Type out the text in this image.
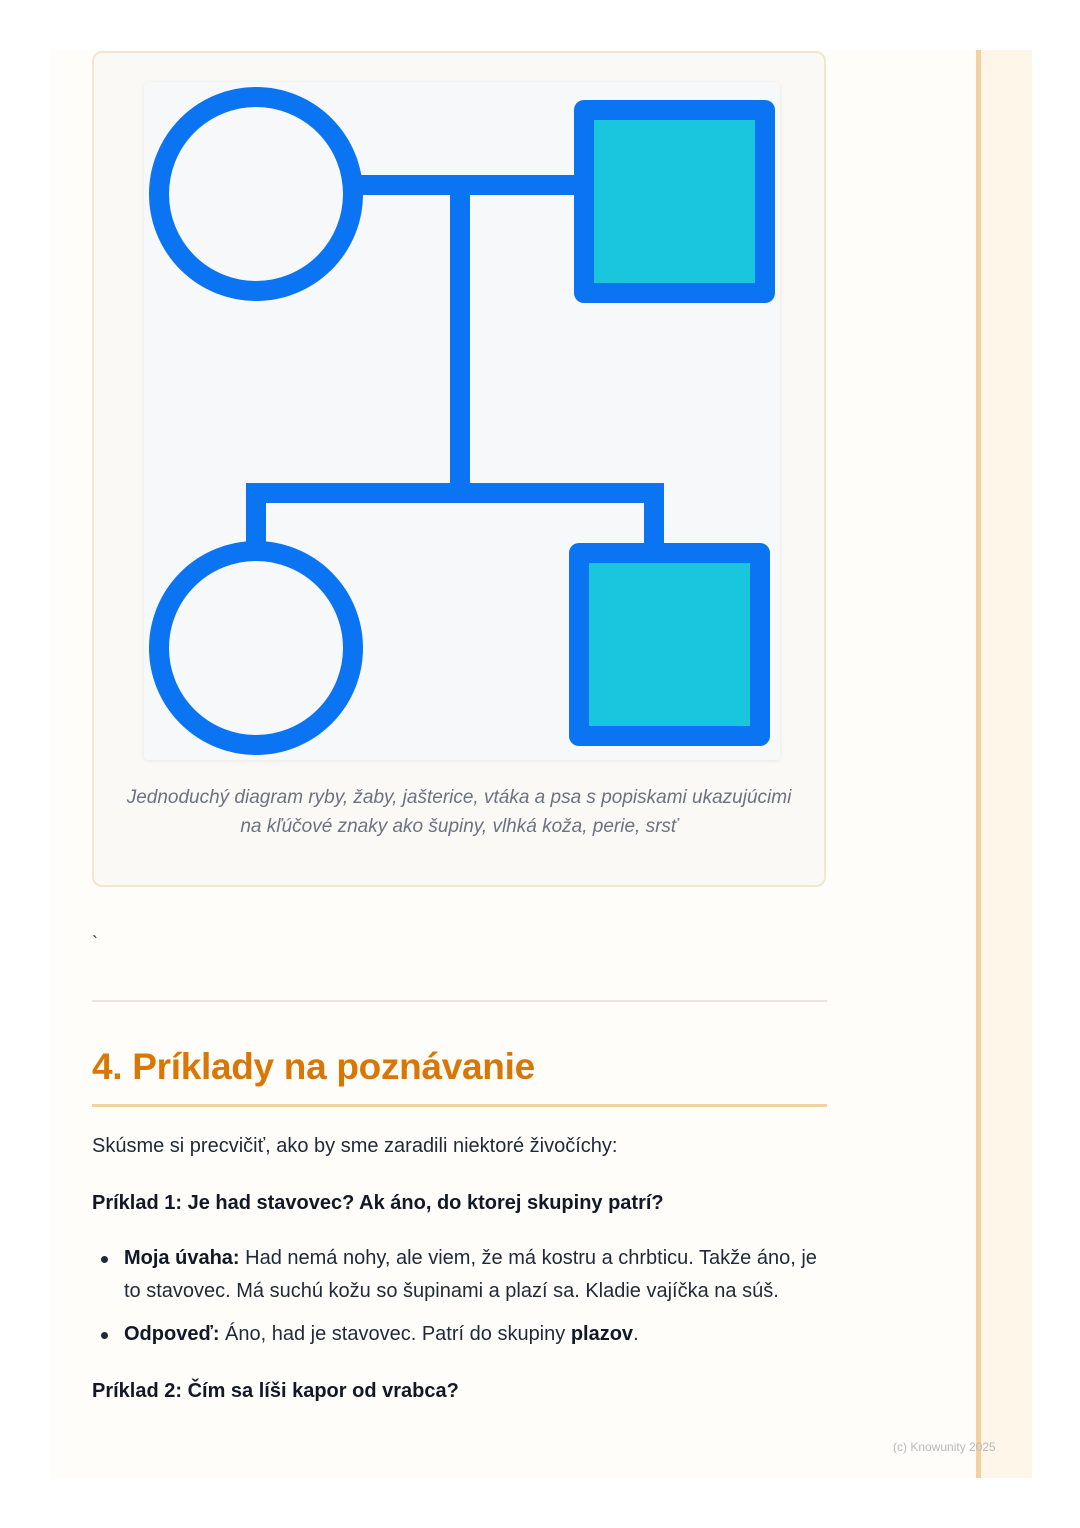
Jednoduchý diagram ryby, žaby, jašterice, vtáka a psa s popiskami ukazujúcimi na kľúčové znaky ako šupiny, vlhká koža, perie, srsť
`
4. Príklady na poznávanie

Skúsme si precvičiť, ako by sme zaradili niektoré živočíchy:

Príklad 1: Je had stavovec? Ak áno, do ktorej skupiny patrí?

Moja úvaha: Had nemá nohy, ale viem, že má kostru a chrbticu. Takže áno, je to stavovec. Má suchú kožu so šupinami a plazí sa. Kladie vajíčka na súš.
Odpoveď: Áno, had je stavovec. Patrí do skupiny plazov.

Príklad 2: Čím sa líši kapor od vrabca?

(c) Knowunity 2025
